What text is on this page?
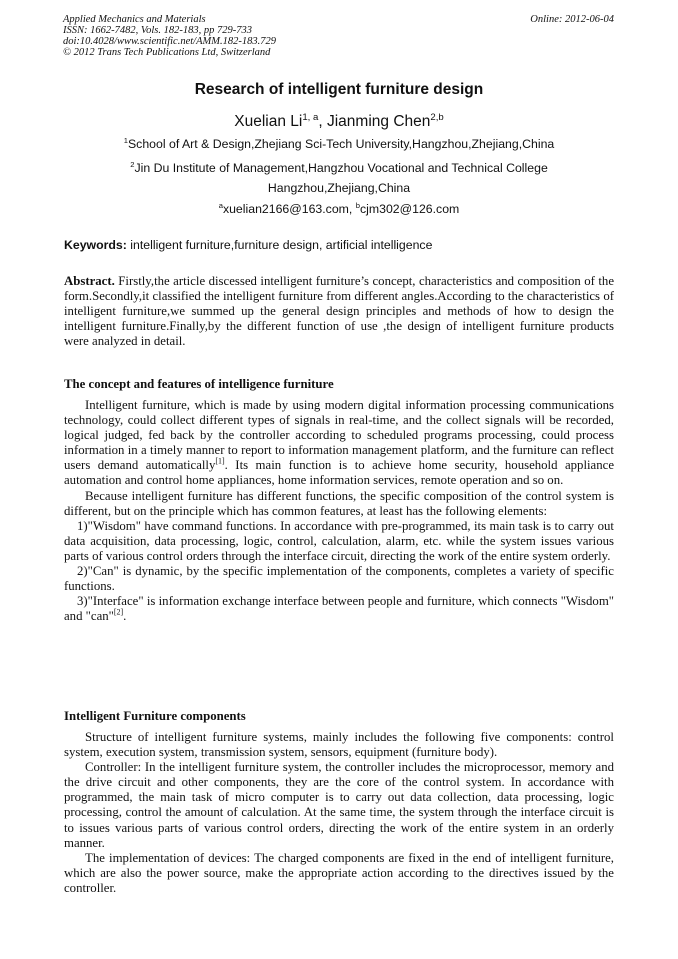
Applied Mechanics and Materials
ISSN: 1662-7482, Vols. 182-183, pp 729-733
doi:10.4028/www.scientific.net/AMM.182-183.729
© 2012 Trans Tech Publications Ltd, Switzerland
Online: 2012-06-04
Research of intelligent furniture design
Xuelian Li$^{1, a}$, Jianming Chen$^{2,b}$
$^1$School of Art & Design,Zhejiang Sci-Tech University,Hangzhou,Zhejiang,China
$^2$Jin Du Institute of Management,Hangzhou Vocational and Technical College
Hangzhou,Zhejiang,China
$^a$xuelian2166@163.com, $^b$cjm302@126.com
Keywords: intelligent furniture,furniture design, artificial intelligence

Abstract. Firstly,the article discessed intelligent furniture’s concept, characteristics and composition of the form.Secondly,it classified the intelligent furniture from different angles.According to the characteristics of intelligent furniture,we summed up the general design principles and methods of how to design the intelligent furniture.Finally,by the different function of use ,the design of intelligent furniture products were analyzed in detail.

The concept and features of intelligence furniture

Intelligent furniture, which is made by using modern digital information processing communications technology, could collect different types of signals in real-time, and the collect signals will be recorded, logical judged, fed back by the controller according to scheduled programs processing, could process information in a timely manner to report to information management platform, and the furniture can reflect users demand automatically[1]. Its main function is to achieve home security, household appliance automation and control home appliances, home information services, remote operation and so on.

Because intelligent furniture has different functions, the specific composition of the control system is different, but on the principle which has common features, at least has the following elements:

1)"Wisdom" have command functions. In accordance with pre-programmed, its main task is to carry out data acquisition, data processing, logic, control, calculation, alarm, etc. while the system issues various parts of various control orders through the interface circuit, directing the work of the entire system orderly.

2)"Can" is dynamic, by the specific implementation of the components, completes a variety of specific functions.

3)"Interface" is information exchange interface between people and furniture, which connects "Wisdom" and "can"[2].

Intelligent Furniture components

Structure of intelligent furniture systems, mainly includes the following five components: control system, execution system, transmission system, sensors, equipment (furniture body).

Controller: In the intelligent furniture system, the controller includes the microprocessor, memory and the drive circuit and other components, they are the core of the control system. In accordance with programmed, the main task of micro computer is to carry out data collection, data processing, logic processing, control the amount of calculation. At the same time, the system through the interface circuit is to issues various parts of various control orders, directing the work of the entire system in an orderly manner.

The implementation of devices: The charged components are fixed in the end of intelligent furniture, which are also the power source, make the appropriate action according to the directives issued by the controller.
